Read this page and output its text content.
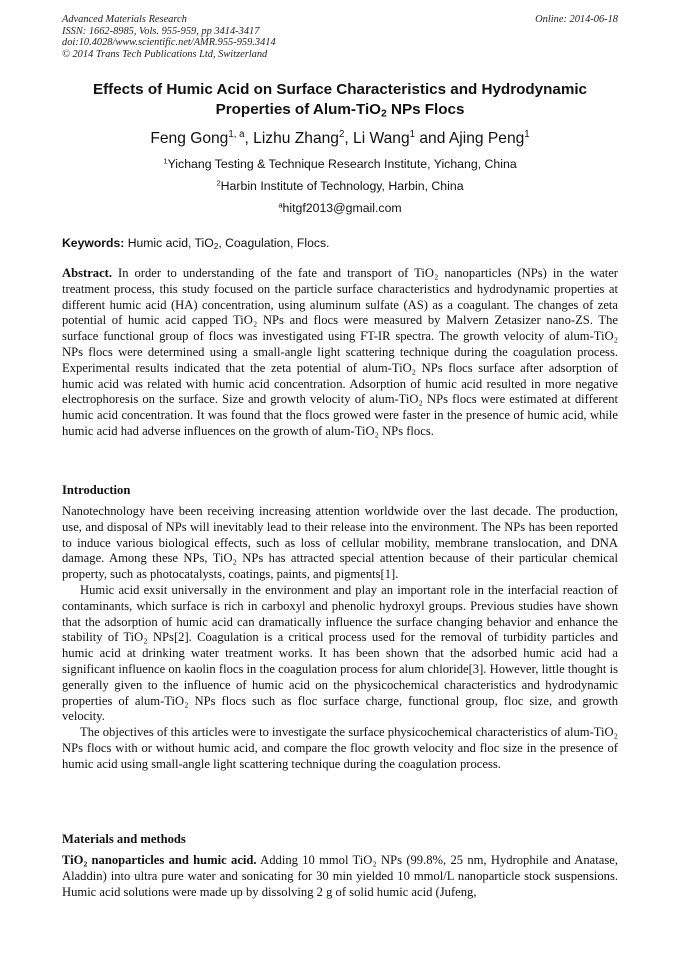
Advanced Materials Research
ISSN: 1662-8985, Vols. 955-959, pp 3414-3417
doi:10.4028/www.scientific.net/AMR.955-959.3414
© 2014 Trans Tech Publications Ltd, Switzerland
Online: 2014-06-18
Effects of Humic Acid on Surface Characteristics and Hydrodynamic
Properties of Alum-TiO$_2$ NPs Flocs
Feng Gong$^{1, a}$, Lizhu Zhang$^2$, Li Wang$^1$ and Ajing Peng$^1$
$^1$Yichang Testing & Technique Research Institute, Yichang, China
$^2$Harbin Institute of Technology, Harbin, China
$^a$hitgf2013@gmail.com
Keywords: Humic acid, TiO$_2$, Coagulation, Flocs.
Abstract. In order to understanding of the fate and transport of TiO₂ nanoparticles (NPs) in the water treatment process, this study focused on the particle surface characteristics and hydrodynamic properties at different humic acid (HA) concentration, using aluminum sulfate (AS) as a coagulant. The changes of zeta potential of humic acid capped TiO₂ NPs and flocs were measured by Malvern Zetasizer nano-ZS. The surface functional group of flocs was investigated using FT-IR spectra. The growth velocity of alum-TiO₂ NPs flocs were determined using a small-angle light scattering technique during the coagulation process. Experimental results indicated that the zeta potential of alum-TiO₂ NPs flocs surface after adsorption of humic acid was related with humic acid concentration. Adsorption of humic acid resulted in more negative electrophoresis on the surface. Size and growth velocity of alum-TiO₂ NPs flocs were estimated at different humic acid concentration. It was found that the flocs growed were faster in the presence of humic acid, while humic acid had adverse influences on the growth of alum-TiO₂ NPs flocs.
Introduction

Nanotechnology have been receiving increasing attention worldwide over the last decade. The production, use, and disposal of NPs will inevitably lead to their release into the environment. The NPs has been reported to induce various biological effects, such as loss of cellular mobility, membrane translocation, and DNA damage. Among these NPs, TiO₂ NPs has attracted special attention because of their particular chemical property, such as photocatalysts, coatings, paints, and pigments[1].

Humic acid exsit universally in the environment and play an important role in the interfacial reaction of contaminants, which surface is rich in carboxyl and phenolic hydroxyl groups. Previous studies have shown that the adsorption of humic acid can dramatically influence the surface changing behavior and enhance the stability of TiO₂ NPs[2]. Coagulation is a critical process used for the removal of turbidity particles and humic acid at drinking water treatment works. It has been shown that the adsorbed humic acid had a significant influence on kaolin flocs in the coagulation process for alum chloride[3]. However, little thought is generally given to the influence of humic acid on the physicochemical characteristics and hydrodynamic properties of alum-TiO₂ NPs flocs such as floc surface charge, functional group, floc size, and growth velocity.

The objectives of this articles were to investigate the surface physicochemical characteristics of alum-TiO₂ NPs flocs with or without humic acid, and compare the floc growth velocity and floc size in the presence of humic acid using small-angle light scattering technique during the coagulation process.

Materials and methods
TiO₂ nanoparticles and humic acid. Adding 10 mmol TiO₂ NPs (99.8%, 25 nm, Hydrophile and Anatase, Aladdin) into ultra pure water and sonicating for 30 min yielded 10 mmol/L nanoparticle stock suspensions. Humic acid solutions were made up by dissolving 2 g of solid humic acid (Jufeng,
